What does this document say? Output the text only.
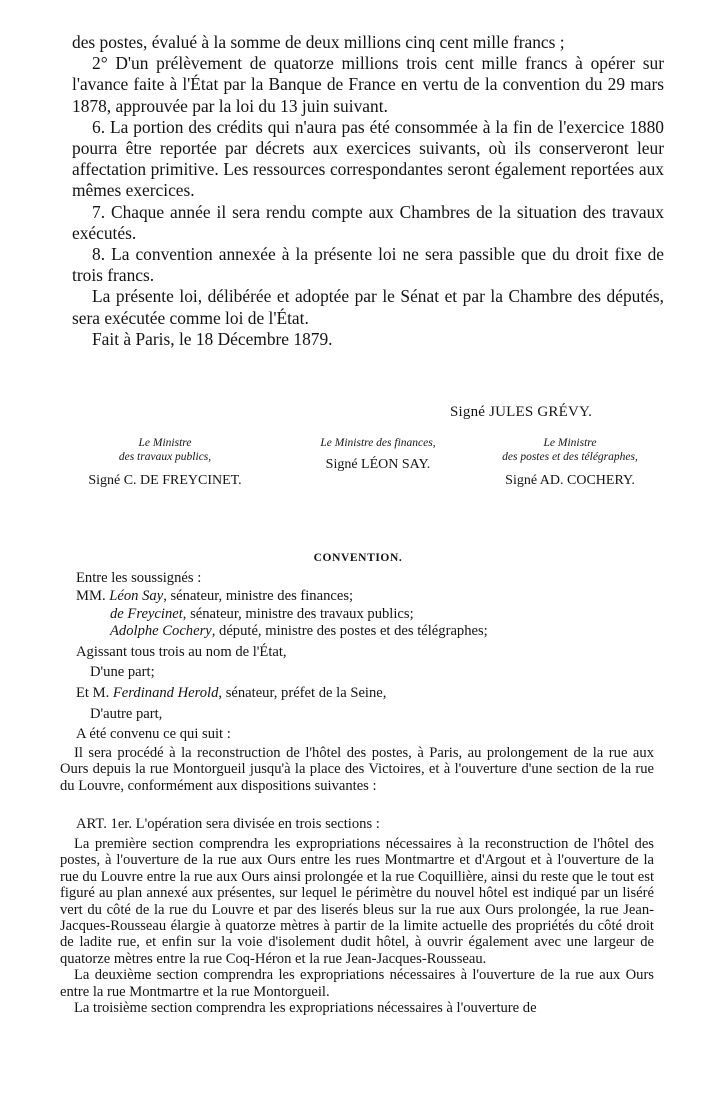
des postes, évalué à la somme de deux millions cinq cent mille francs ;

2° D'un prélèvement de quatorze millions trois cent mille francs à opérer sur l'avance faite à l'État par la Banque de France en vertu de la convention du 29 mars 1878, approuvée par la loi du 13 juin suivant.

6. La portion des crédits qui n'aura pas été consommée à la fin de l'exercice 1880 pourra être reportée par décrets aux exercices suivants, où ils conserveront leur affectation primitive. Les ressources correspondantes seront également reportées aux mêmes exercices.

7. Chaque année il sera rendu compte aux Chambres de la situation des travaux exécutés.

8. La convention annexée à la présente loi ne sera passible que du droit fixe de trois francs.

La présente loi, délibérée et adoptée par le Sénat et par la Chambre des députés, sera exécutée comme loi de l'État.

Fait à Paris, le 18 Décembre 1879.

Signé JULES GRÉVY.
Le Ministre
des travaux publics,
Signé C. DE FREYCINET.
Le Ministre des finances,
Signé LÉON SAY.
Le Ministre
des postes et des télégraphes,
Signé AD. COCHERY.
CONVENTION.
Entre les soussignés :
MM. Léon Say, sénateur, ministre des finances;
de Freycinet, sénateur, ministre des travaux publics;
Adolphe Cochery, député, ministre des postes et des télégraphes;
Agissant tous trois au nom de l'État,
D'une part;
Et M. Ferdinand Herold, sénateur, préfet de la Seine,
D'autre part,
A été convenu ce qui suit :

Il sera procédé à la reconstruction de l'hôtel des postes, à Paris, au prolongement de la rue aux Ours depuis la rue Montorgueil jusqu'à la place des Victoires, et à l'ouverture d'une section de la rue du Louvre, conformément aux dispositions suivantes :

ART. 1er. L'opération sera divisée en trois sections :

La première section comprendra les expropriations nécessaires à la reconstruction de l'hôtel des postes, à l'ouverture de la rue aux Ours entre les rues Montmartre et d'Argout et à l'ouverture de la rue du Louvre entre la rue aux Ours ainsi prolongée et la rue Coquillière, ainsi du reste que le tout est figuré au plan annexé aux présentes, sur lequel le périmètre du nouvel hôtel est indiqué par un liséré vert du côté de la rue du Louvre et par des liserés bleus sur la rue aux Ours prolongée, la rue Jean-Jacques-Rousseau élargie à quatorze mètres à partir de la limite actuelle des propriétés du côté droit de ladite rue, et enfin sur la voie d'isolement dudit hôtel, à ouvrir également avec une largeur de quatorze mètres entre la rue Coq-Héron et la rue Jean-Jacques-Rousseau.

La deuxième section comprendra les expropriations nécessaires à l'ouverture de la rue aux Ours entre la rue Montmartre et la rue Montorgueil.

La troisième section comprendra les expropriations nécessaires à l'ouverture de
